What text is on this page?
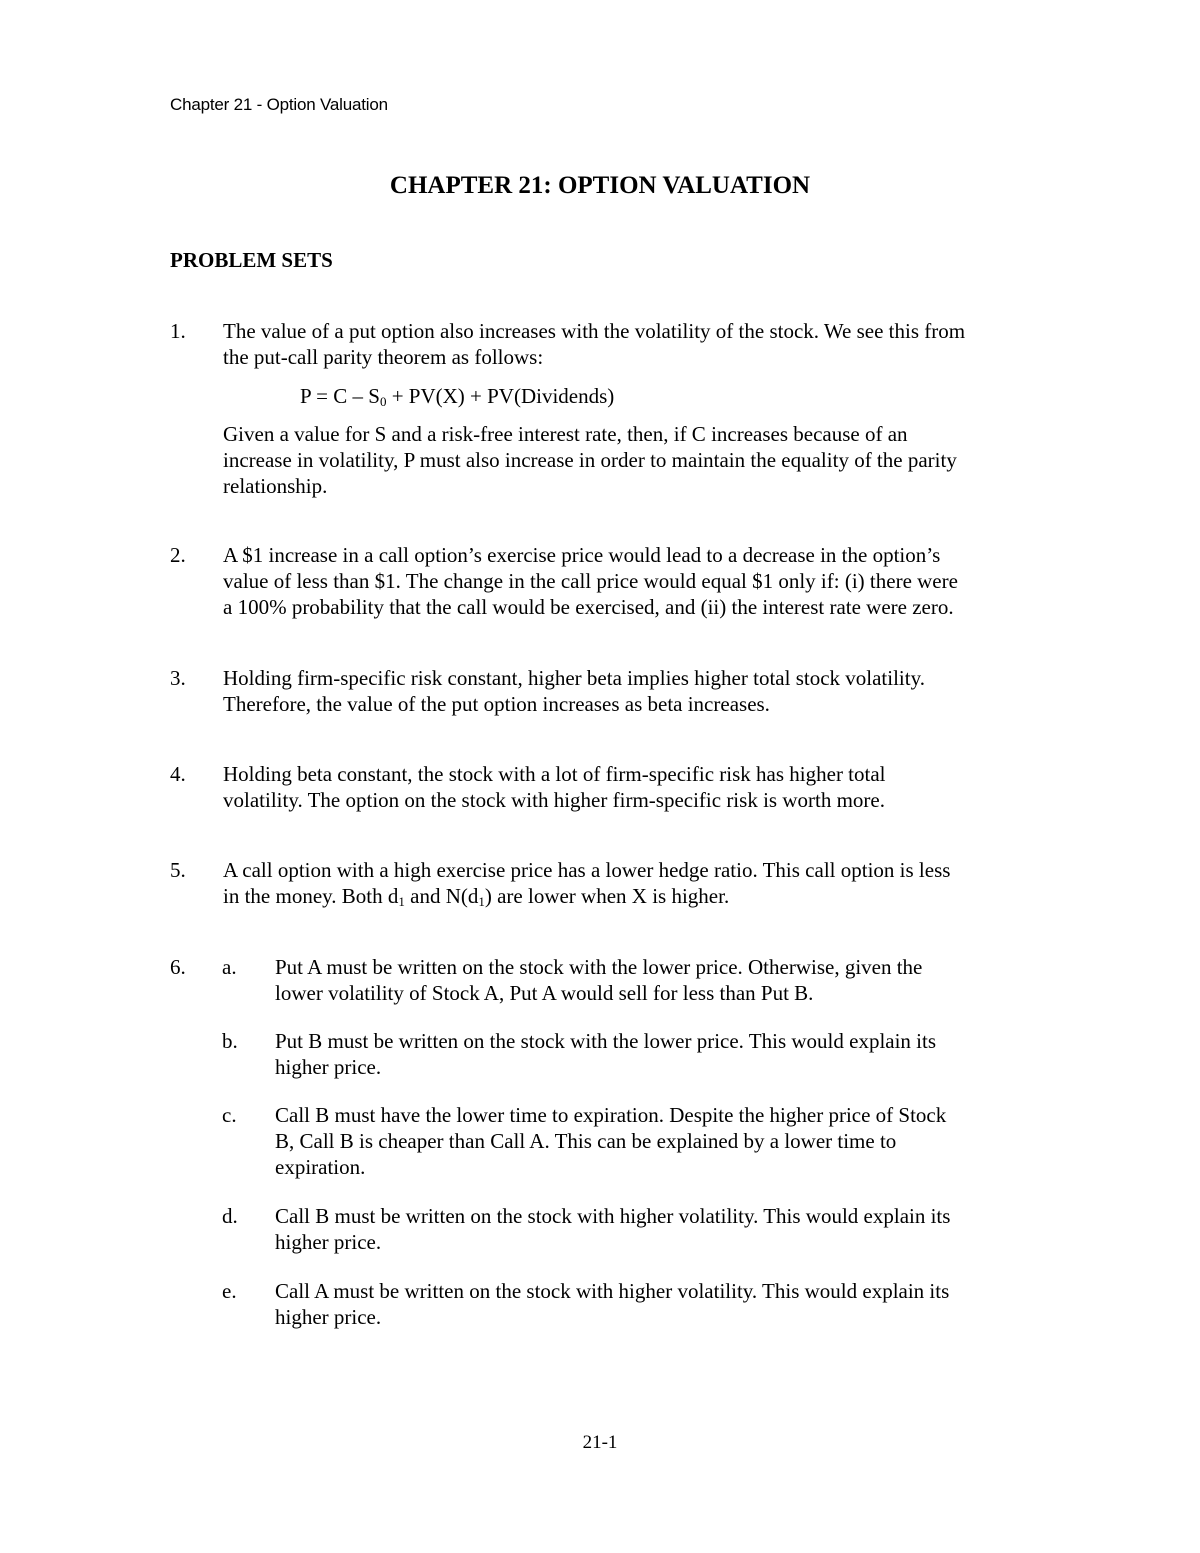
Chapter 21 - Option Valuation
CHAPTER 21: OPTION VALUATION
PROBLEM SETS
1. The value of a put option also increases with the volatility of the stock. We see this from
the put-call parity theorem as follows:
$P = C - S_0 + PV(X)$ + PV(Dividends)
Given a value for S and a risk-free interest rate, then, if C increases because of an
increase in volatility, P must also increase in order to maintain the equality of the parity
relationship.
2. A $1 increase in a call option’s exercise price would lead to a decrease in the option’s
value of less than $1. The change in the call price would equal $1 only if: (i) there were
a 100% probability that the call would be exercised, and (ii) the interest rate were zero.
3. Holding firm-specific risk constant, higher beta implies higher total stock volatility.
Therefore, the value of the put option increases as beta increases.
4. Holding beta constant, the stock with a lot of firm-specific risk has higher total
volatility. The option on the stock with higher firm-specific risk is worth more.
5. A call option with a high exercise price has a lower hedge ratio. This call option is less
in the money. Both $d_1$ and $N(d_1)$ are lower when X is higher.
6. a. Put A must be written on the stock with the lower price. Otherwise, given the
lower volatility of Stock A, Put A would sell for less than Put B.
b. Put B must be written on the stock with the lower price. This would explain its
higher price.
c. Call B must have the lower time to expiration. Despite the higher price of Stock
B, Call B is cheaper than Call A. This can be explained by a lower time to
expiration.
d. Call B must be written on the stock with higher volatility. This would explain its
higher price.
e. Call A must be written on the stock with higher volatility. This would explain its
higher price.
21-1
